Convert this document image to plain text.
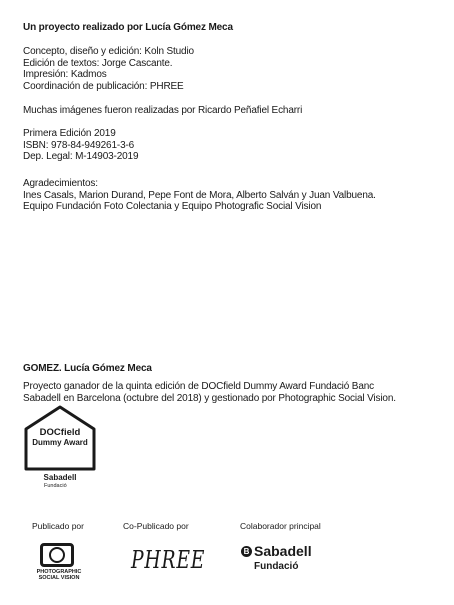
Un proyecto realizado por Lucía Gómez Meca
Concepto, diseño y edición: Koln Studio
Edición de textos: Jorge Cascante.
Impresión: Kadmos
Coordinación de publicación: PHREE
Muchas imágenes fueron realizadas por Ricardo Peñafiel Echarri
Primera Edición 2019
ISBN: 978-84-949261-3-6
Dep. Legal: M-14903-2019
Agradecimientos:
Ines Casals, Marion Durand, Pepe Font de Mora, Alberto Salván y Juan Valbuena.
Equipo Fundación Foto Colectania y Equipo Photografic Social Vision
GOMEZ. Lucía Gómez Meca
Proyecto ganador de la quinta edición de DOCfield Dummy Award Fundació Banc
Sabadell en Barcelona (octubre del 2018) y gestionado por Photographic Social Vision.
DOCfield
Dummy Award
Sabadell
Fundació
Publicado por	Co-Publicado por	Colaborador principal
PHOTOGRAPHIC
SOCIAL VISION
PHREE	B Sabadell
Fundació
